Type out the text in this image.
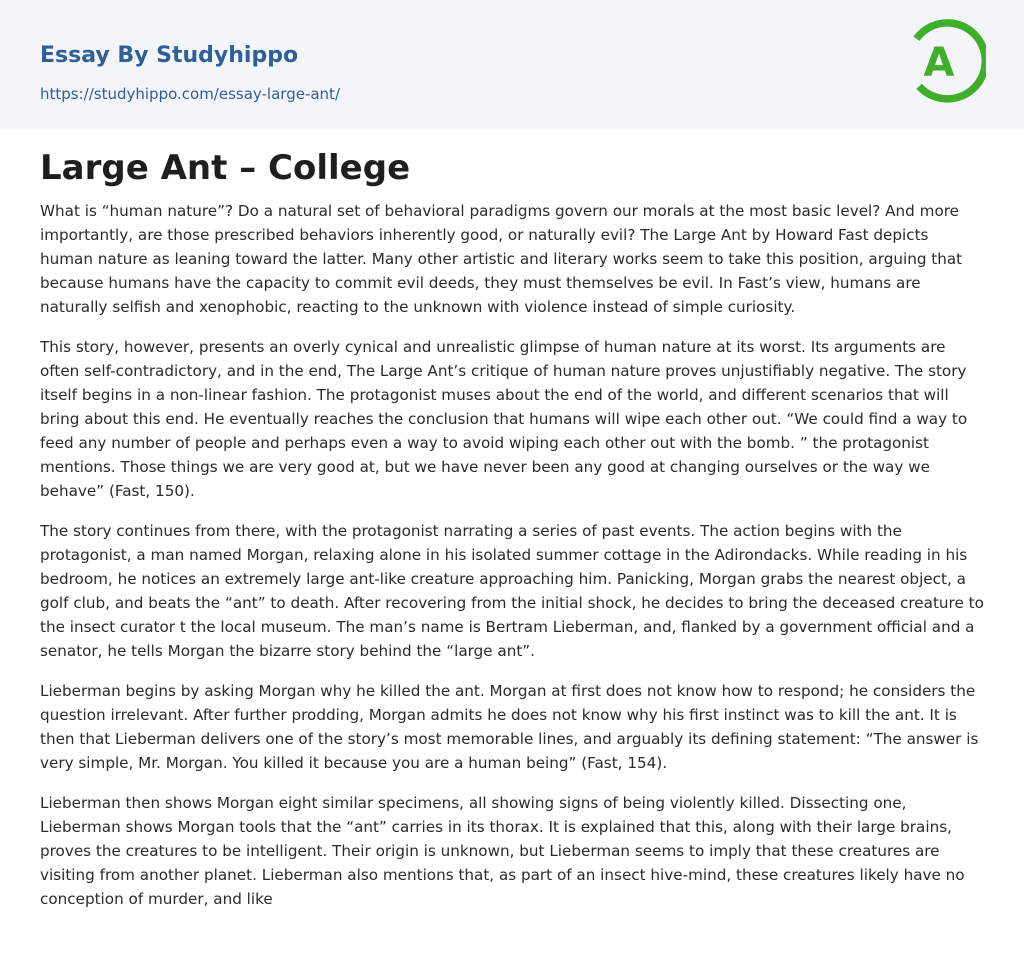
Essay By Studyhippo
https://studyhippo.com/essay-large-ant/
A
Large Ant – College

What is “human nature”? Do a natural set of behavioral paradigms govern our morals at the most basic level? And more importantly, are those prescribed behaviors inherently good, or naturally evil? The Large Ant by Howard Fast depicts human nature as leaning toward the latter. Many other artistic and literary works seem to take this position, arguing that because humans have the capacity to commit evil deeds, they must themselves be evil. In Fast’s view, humans are naturally selfish and xenophobic, reacting to the unknown with violence instead of simple curiosity.

This story, however, presents an overly cynical and unrealistic glimpse of human nature at its worst. Its arguments are often self-contradictory, and in the end, The Large Ant’s critique of human nature proves unjustifiably negative. The story itself begins in a non-linear fashion. The protagonist muses about the end of the world, and different scenarios that will bring about this end. He eventually reaches the conclusion that humans will wipe each other out. “We could find a way to feed any number of people and perhaps even a way to avoid wiping each other out with the bomb. ” the protagonist mentions. Those things we are very good at, but we have never been any good at changing ourselves or the way we behave” (Fast, 150).

The story continues from there, with the protagonist narrating a series of past events. The action begins with the protagonist, a man named Morgan, relaxing alone in his isolated summer cottage in the Adirondacks. While reading in his bedroom, he notices an extremely large ant-like creature approaching him. Panicking, Morgan grabs the nearest object, a golf club, and beats the “ant” to death. After recovering from the initial shock, he decides to bring the deceased creature to the insect curator t the local museum. The man’s name is Bertram Lieberman, and, flanked by a government official and a senator, he tells Morgan the bizarre story behind the “large ant”.

Lieberman begins by asking Morgan why he killed the ant. Morgan at first does not know how to respond; he considers the question irrelevant. After further prodding, Morgan admits he does not know why his first instinct was to kill the ant. It is then that Lieberman delivers one of the story’s most memorable lines, and arguably its defining statement: “The answer is very simple, Mr. Morgan. You killed it because you are a human being” (Fast, 154).

Lieberman then shows Morgan eight similar specimens, all showing signs of being violently killed. Dissecting one, Lieberman shows Morgan tools that the “ant” carries in its thorax. It is explained that this, along with their large brains, proves the creatures to be intelligent. Their origin is unknown, but Lieberman seems to imply that these creatures are visiting from another planet. Lieberman also mentions that, as part of an insect hive-mind, these creatures likely have no conception of murder, and like
